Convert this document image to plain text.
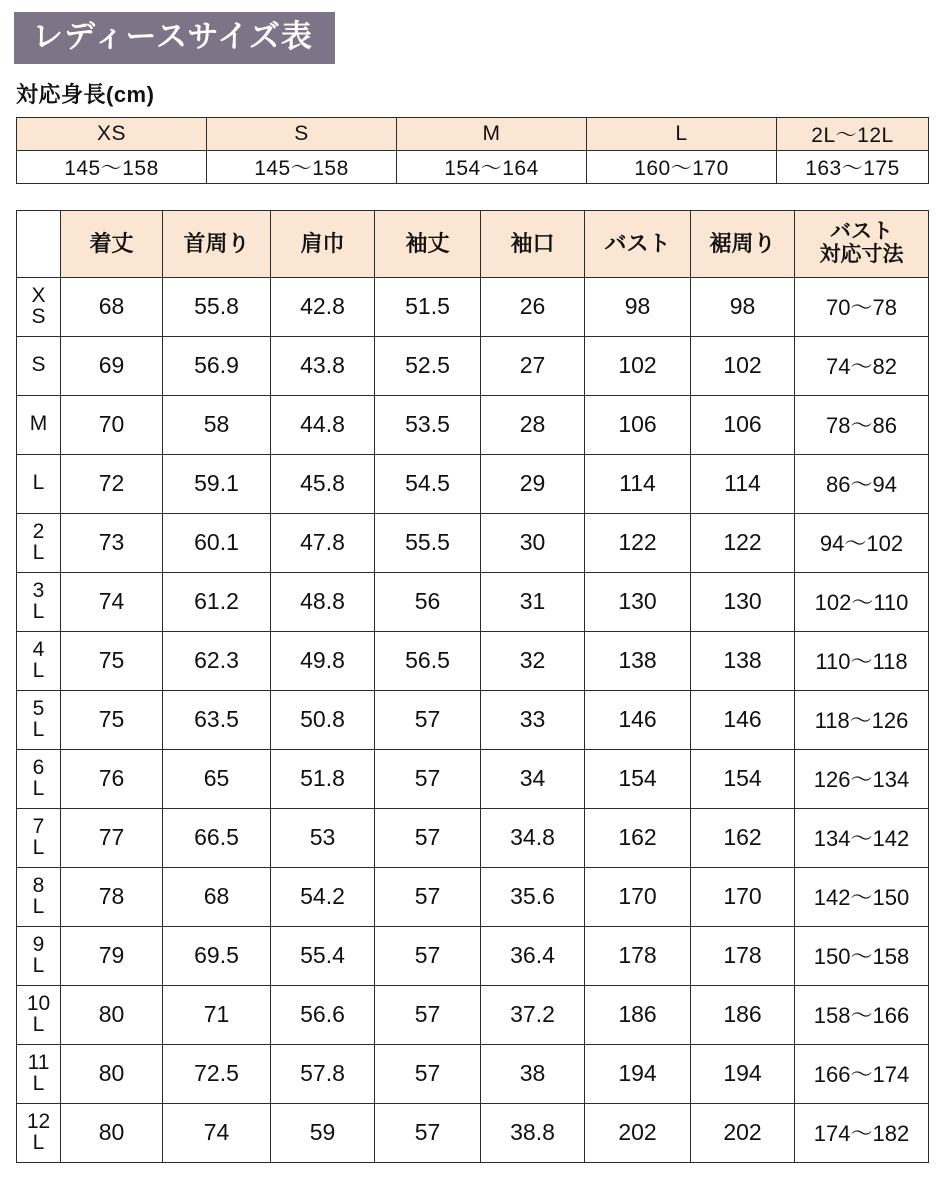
レディースサイズ表
対応身長(cm)
XS	S	M	L	2L〜12L
145〜158	145〜158	154〜164	160〜170	163〜175
	着丈	首周り	肩巾	袖丈	袖口	バスト	裾周り	バスト
対応寸法

X
S	68	55.8	42.8	51.5	26	98	98	70〜78

S	69	56.9	43.8	52.5	27	102	102	74〜82

M	70	58	44.8	53.5	28	106	106	78〜86

L	72	59.1	45.8	54.5	29	114	114	86〜94

2
L	73	60.1	47.8	55.5	30	122	122	94〜102

3
L	74	61.2	48.8	56	31	130	130	102〜110

4
L	75	62.3	49.8	56.5	32	138	138	110〜118

5
L	75	63.5	50.8	57	33	146	146	118〜126

6
L	76	65	51.8	57	34	154	154	126〜134

7
L	77	66.5	53	57	34.8	162	162	134〜142

8
L	78	68	54.2	57	35.6	170	170	142〜150

9
L	79	69.5	55.4	57	36.4	178	178	150〜158

10
L	80	71	56.6	57	37.2	186	186	158〜166

11
L	80	72.5	57.8	57	38	194	194	166〜174

12
L	80	74	59	57	38.8	202	202	174〜182
